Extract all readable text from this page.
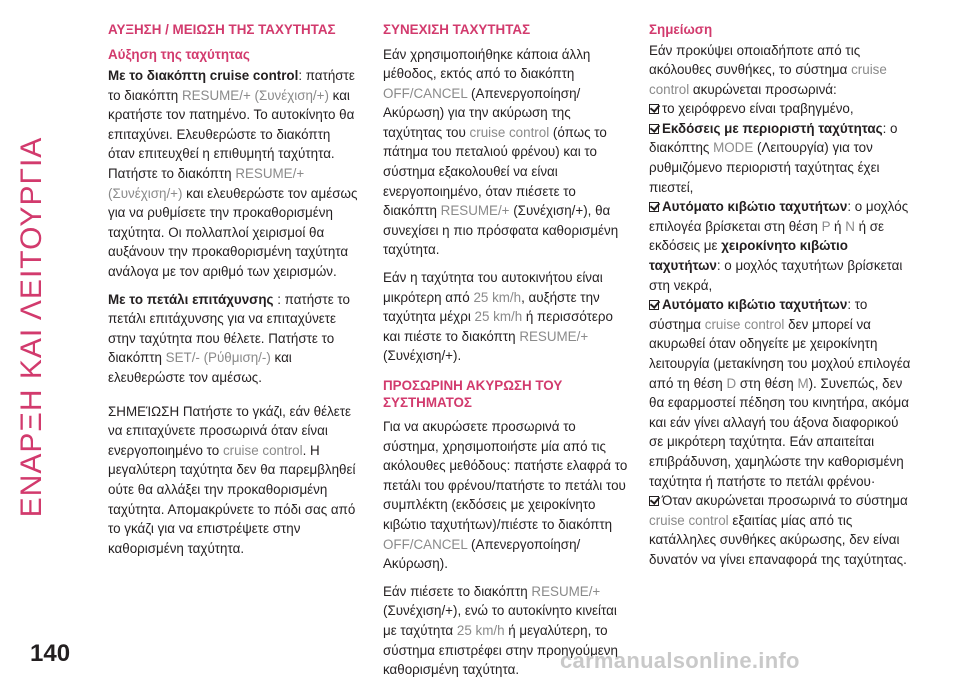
ΕΝΑΡΞΗ ΚΑΙ ΛΕΙΤΟΥΡΓΙΑ
ΑΥΞΗΣΗ / ΜΕΙΩΣΗ ΤΗΣ ΤΑΧΥΤΗΤΑΣ
Αύξηση της ταχύτητας

Με το διακόπτη cruise control: πατήστε το διακόπτη RESUME/+ (Συνέχιση/+) και κρατήστε τον πατημένο. Το αυτοκίνητο θα επιταχύνει. Ελευθερώστε το διακόπτη όταν επιτευχθεί η επιθυμητή ταχύτητα. Πατήστε το διακόπτη RESUME/+ (Συνέχιση/+) και ελευθερώστε τον αμέσως για να ρυθμίσετε την προκαθορισμένη ταχύτητα. Οι πολλαπλοί χειρισμοί θα αυξάνουν την προκαθορισμένη ταχύτητα ανάλογα με τον αριθμό των χειρισμών.

Με το πετάλι επιτάχυνσης : πατήστε το πετάλι επιτάχυνσης για να επιταχύνετε στην ταχύτητα που θέλετε. Πατήστε το διακόπτη SET/- (Ρύθμιση/-) και ελευθερώστε τον αμέσως.

ΣΗΜΕΊΩΣΗ Πατήστε το γκάζι, εάν θέλετε να επιταχύνετε προσωρινά όταν είναι ενεργοποιημένο το cruise control. Η μεγαλύτερη ταχύτητα δεν θα παρεμβληθεί ούτε θα αλλάξει την προκαθορισμένη ταχύτητα. Απομακρύνετε το πόδι σας από το γκάζι για να επιστρέψετε στην καθορισμένη ταχύτητα.

ΣΥΝΕΧΙΣΗ ΤΑΧΥΤΗΤΑΣ

Εάν χρησιμοποιήθηκε κάποια άλλη μέθοδος, εκτός από το διακόπτη OFF/CANCEL (Απενεργοποίηση/ Ακύρωση) για την ακύρωση της ταχύτητας του cruise control (όπως το πάτημα του πεταλιού φρένου) και το σύστημα εξακολουθεί να είναι ενεργοποιημένο, όταν πιέσετε το διακόπτη RESUME/+ (Συνέχιση/+), θα συνεχίσει η πιο πρόσφατα καθορισμένη ταχύτητα.

Εάν η ταχύτητα του αυτοκινήτου είναι μικρότερη από 25 km/h, αυξήστε την ταχύτητα μέχρι 25 km/h ή περισσότερο και πιέστε το διακόπτη RESUME/+ (Συνέχιση/+).

ΠΡΟΣΩΡΙΝΗ ΑΚΥΡΩΣΗ ΤΟΥ ΣΥΣΤΗΜΑΤΟΣ

Για να ακυρώσετε προσωρινά το σύστημα, χρησιμοποιήστε μία από τις ακόλουθες μεθόδους: πατήστε ελαφρά το πετάλι του φρένου/πατήστε το πετάλι του συμπλέκτη (εκδόσεις με χειροκίνητο κιβώτιο ταχυτήτων)/πιέστε το διακόπτη OFF/CANCEL (Απενεργοποίηση/Ακύρωση).

Εάν πιέσετε το διακόπτη RESUME/+ (Συνέχιση/+), ενώ το αυτοκίνητο κινείται με ταχύτητα 25 km/h ή μεγαλύτερη, το σύστημα επιστρέφει στην προηγούμενη καθορισμένη ταχύτητα.

Σημείωση
Εάν προκύψει οποιαδήποτε από τις ακόλουθες συνθήκες, το σύστημα cruise control ακυρώνεται προσωρινά:
το χειρόφρενο είναι τραβηγμένο,
Εκδόσεις με περιοριστή ταχύτητας: ο διακόπτης MODE (Λειτουργία) για τον ρυθμιζόμενο περιοριστή ταχύτητας έχει πιεστεί,
Αυτόματο κιβώτιο ταχυτήτων: ο μοχλός επιλογέα βρίσκεται στη θέση P ή N ή σε εκδόσεις με χειροκίνητο κιβώτιο ταχυτήτων: ο μοχλός ταχυτήτων βρίσκεται στη νεκρά,
Αυτόματο κιβώτιο ταχυτήτων: το σύστημα cruise control δεν μπορεί να ακυρωθεί όταν οδηγείτε με χειροκίνητη λειτουργία (μετακίνηση του μοχλού επιλογέα από τη θέση D στη θέση M). Συνεπώς, δεν θα εφαρμοστεί πέδηση του κινητήρα, ακόμα και εάν γίνει αλλαγή του άξονα διαφορικού σε μικρότερη ταχύτητα. Εάν απαιτείται επιβράδυνση, χαμηλώστε την καθορισμένη ταχύτητα ή πατήστε το πετάλι φρένου·
Όταν ακυρώνεται προσωρινά το σύστημα cruise control εξαιτίας μίας από τις κατάλληλες συνθήκες ακύρωσης, δεν είναι δυνατόν να γίνει επαναφορά της ταχύτητας.
140	carmanualsonline.info
